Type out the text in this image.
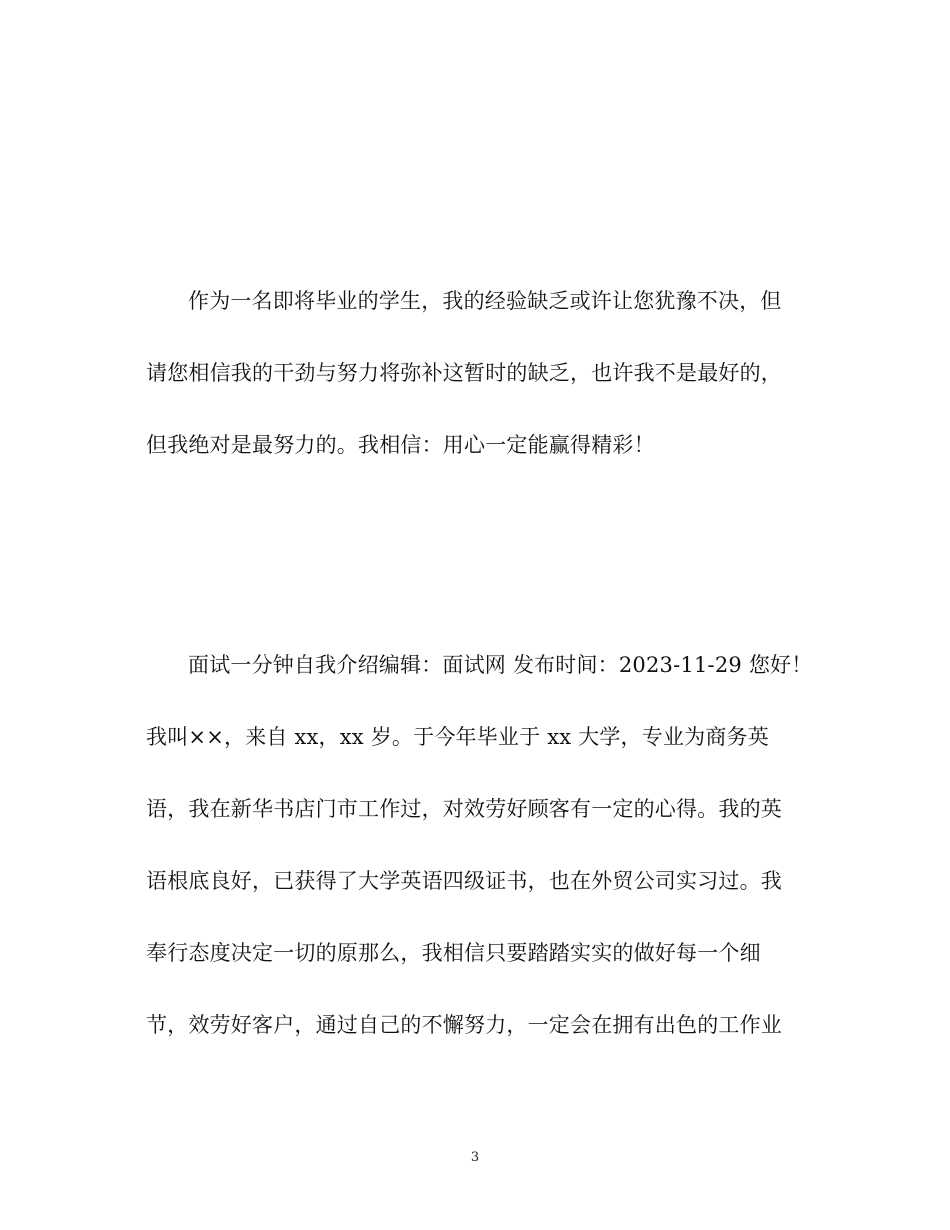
作为一名即将毕业的学生，我的经验缺乏或许让您犹豫不决，但
请您相信我的干劲与努力将弥补这暂时的缺乏，也许我不是最好的，
但我绝对是最努力的。我相信：用心一定能赢得精彩！
面试一分钟自我介绍编辑：面试网 发布时间：2023-11-29 您好！
我叫××，来自 xx，xx 岁。于今年毕业于 xx 大学，专业为商务英
语，我在新华书店门市工作过，对效劳好顾客有一定的心得。我的英
语根底良好，已获得了大学英语四级证书，也在外贸公司实习过。我
奉行态度决定一切的原那么，我相信只要踏踏实实的做好每一个细
节，效劳好客户，通过自己的不懈努力，一定会在拥有出色的工作业
3
